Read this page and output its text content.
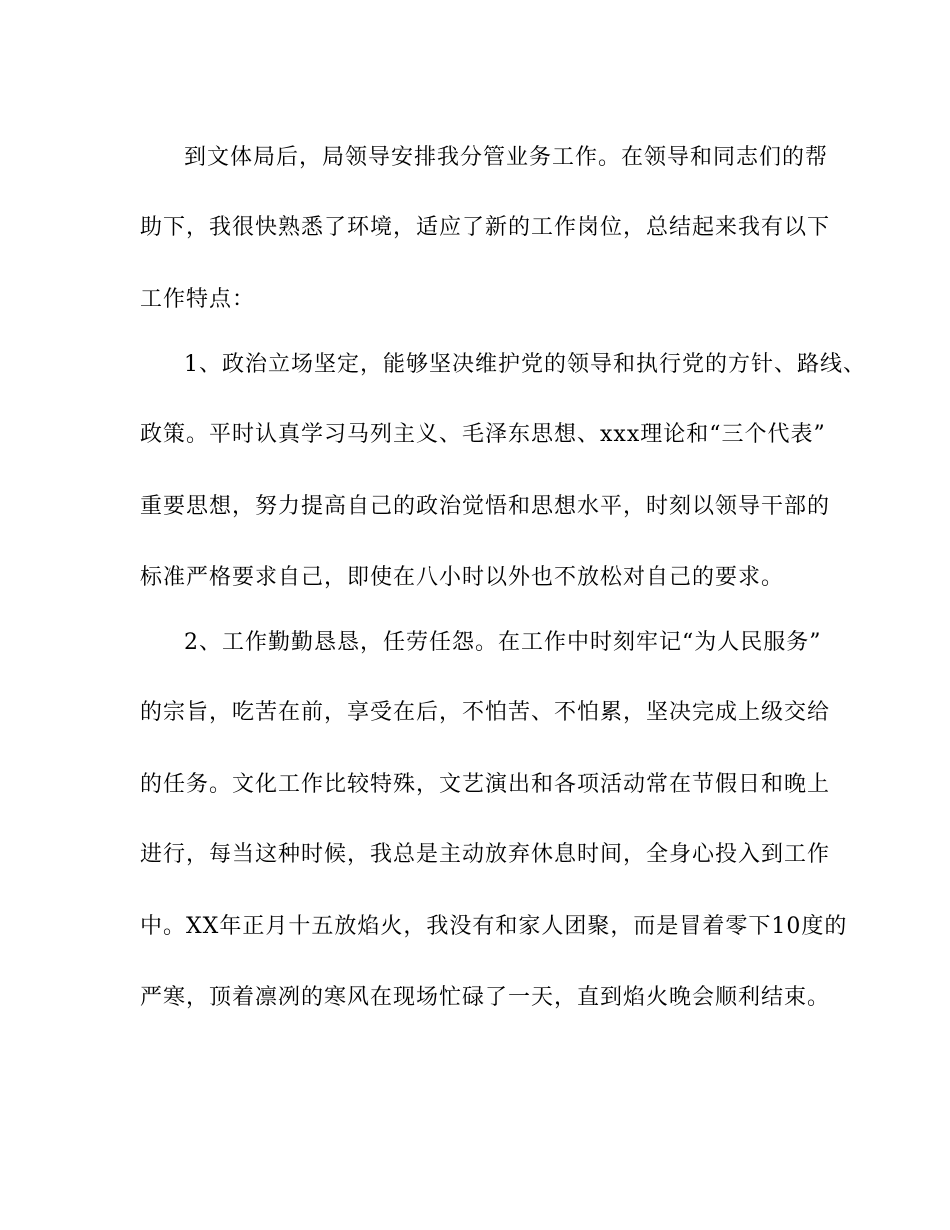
到文体局后，局领导安排我分管业务工作。在领导和同志们的帮
助下，我很快熟悉了环境，适应了新的工作岗位，总结起来我有以下
工作特点：
1、政治立场坚定，能够坚决维护党的领导和执行党的方针、路线、
政策。平时认真学习马列主义、毛泽东思想、xxx理论和“三个代表”
重要思想，努力提高自己的政治觉悟和思想水平，时刻以领导干部的
标准严格要求自己，即使在八小时以外也不放松对自己的要求。
2、工作勤勤恳恳，任劳任怨。在工作中时刻牢记“为人民服务”
的宗旨，吃苦在前，享受在后，不怕苦、不怕累，坚决完成上级交给
的任务。文化工作比较特殊，文艺演出和各项活动常在节假日和晚上
进行，每当这种时候，我总是主动放弃休息时间，全身心投入到工作
中。XX年正月十五放焰火，我没有和家人团聚，而是冒着零下10度的
严寒，顶着凛冽的寒风在现场忙碌了一天，直到焰火晚会顺利结束。
